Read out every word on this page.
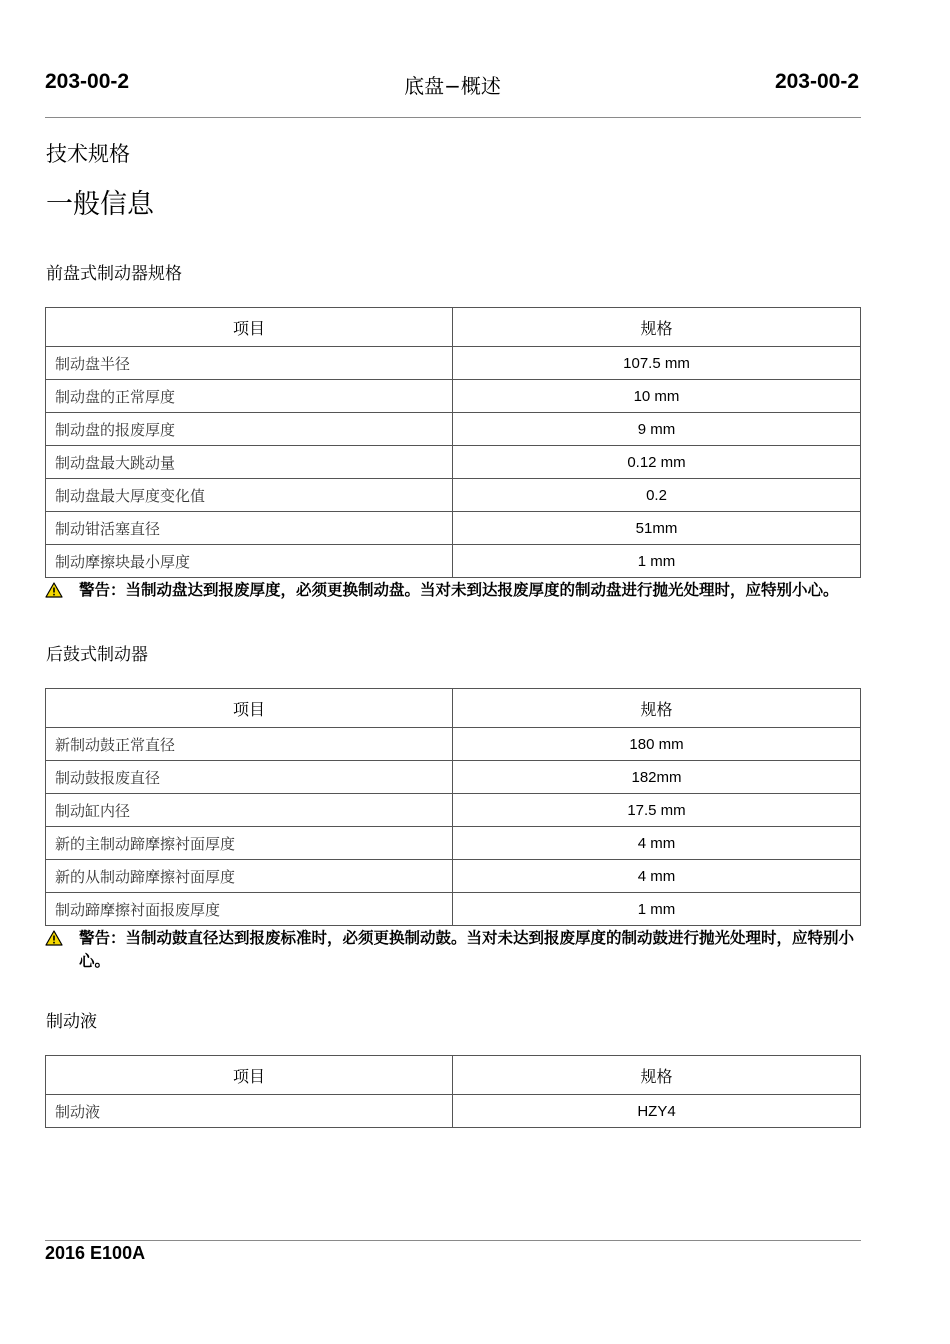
203-00-2	底盘−概述	203-00-2
技术规格
一般信息
前盘式制动器规格
项目	规格
制动盘半径	107.5 mm
制动盘的正常厚度	10 mm
制动盘的报废厚度	9 mm
制动盘最大跳动量	0.12 mm
制动盘最大厚度变化值	0.2
制动钳活塞直径	51mm
制动摩擦块最小厚度	1 mm
警告：当制动盘达到报废厚度，必须更换制动盘。当对未到达报废厚度的制动盘进行抛光处理时，应特别小心。
后鼓式制动器
项目	规格
新制动鼓正常直径	180 mm
制动鼓报废直径	182mm
制动缸内径	17.5 mm
新的主制动蹄摩擦衬面厚度	4 mm
新的从制动蹄摩擦衬面厚度	4 mm
制动蹄摩擦衬面报废厚度	1 mm
警告：当制动鼓直径达到报废标准时，必须更换制动鼓。当对未达到报废厚度的制动鼓进行抛光处理时，应特别小心。
制动液
项目	规格
制动液	HZY4
2016 E100A
